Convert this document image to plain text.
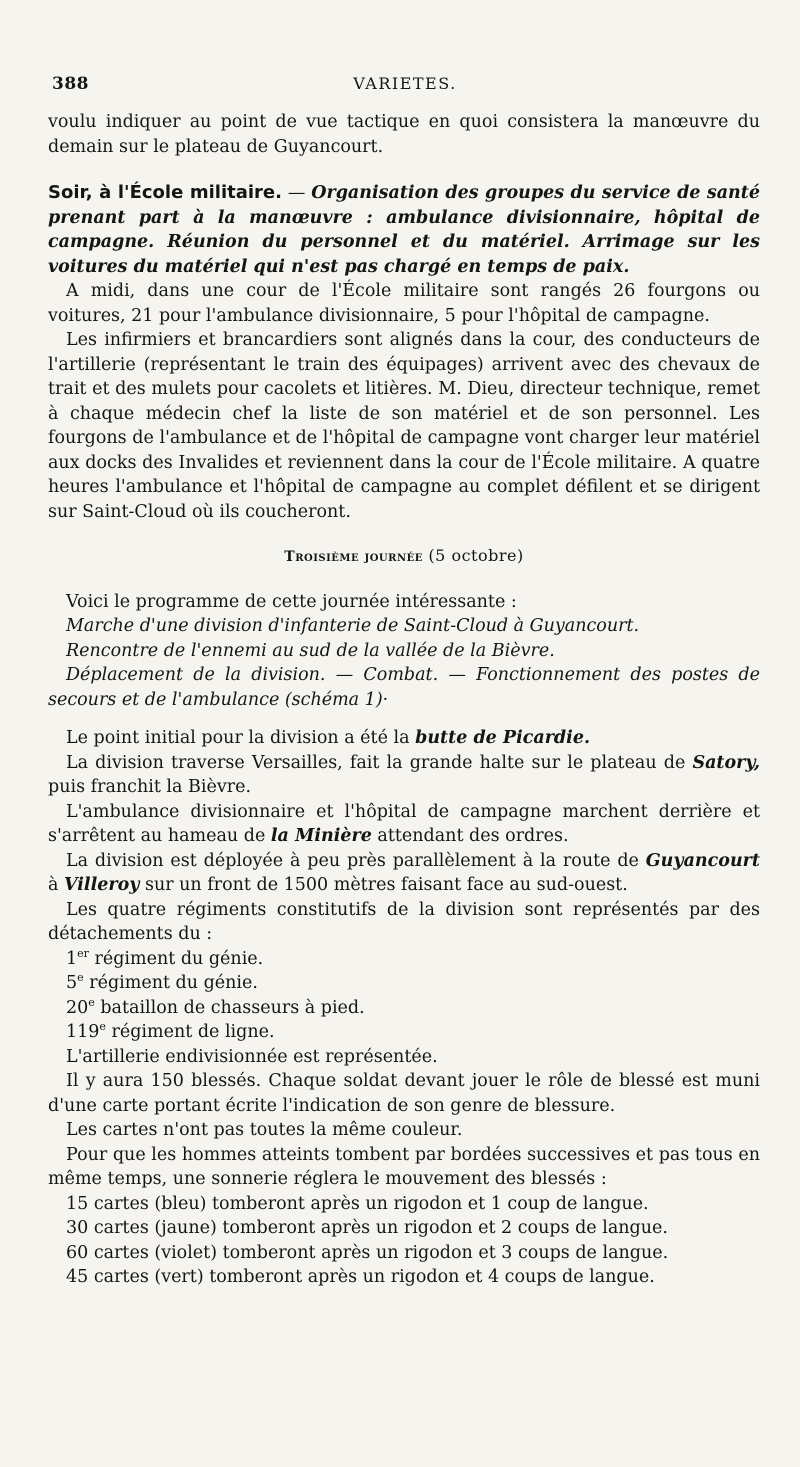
388	VARIETES.

voulu indiquer au point de vue tactique en quoi consistera la manœuvre du demain sur le plateau de Guyancourt.

Soir, à l'École militaire. — Organisation des groupes du service de santé prenant part à la manœuvre : ambulance divisionnaire, hôpital de campagne. Réunion du personnel et du matériel. Arrimage sur les voitures du matériel qui n'est pas chargé en temps de paix.

A midi, dans une cour de l'École militaire sont rangés 26 fourgons ou voitures, 21 pour l'ambulance divisionnaire, 5 pour l'hôpital de campagne.

Les infirmiers et brancardiers sont alignés dans la cour, des conducteurs de l'artillerie (représentant le train des équipages) arrivent avec des chevaux de trait et des mulets pour cacolets et litières. M. Dieu, directeur technique, remet à chaque médecin chef la liste de son matériel et de son personnel. Les fourgons de l'ambulance et de l'hôpital de campagne vont charger leur matériel aux docks des Invalides et reviennent dans la cour de l'École militaire. A quatre heures l'ambulance et l'hôpital de campagne au complet défilent et se dirigent sur Saint-Cloud où ils coucheront.

Troisième journée (5 octobre)

Voici le programme de cette journée intéressante :

Marche d'une division d'infanterie de Saint-Cloud à Guyancourt.

Rencontre de l'ennemi au sud de la vallée de la Bièvre.

Déplacement de la division. — Combat. — Fonctionnement des postes de secours et de l'ambulance (schéma 1)·

Le point initial pour la division a été la butte de Picardie.

La division traverse Versailles, fait la grande halte sur le plateau de Satory, puis franchit la Bièvre.

L'ambulance divisionnaire et l'hôpital de campagne marchent derrière et s'arrêtent au hameau de la Minière attendant des ordres.

La division est déployée à peu près parallèlement à la route de Guyancourt à Villeroy sur un front de 1500 mètres faisant face au sud-ouest.

Les quatre régiments constitutifs de la division sont représentés par des détachements du :

1er régiment du génie.

5e régiment du génie.

20e bataillon de chasseurs à pied.

119e régiment de ligne.

L'artillerie endivisionnée est représentée.

Il y aura 150 blessés. Chaque soldat devant jouer le rôle de blessé est muni d'une carte portant écrite l'indication de son genre de blessure.

Les cartes n'ont pas toutes la même couleur.

Pour que les hommes atteints tombent par bordées successives et pas tous en même temps, une sonnerie réglera le mouvement des blessés :

15 cartes (bleu) tomberont après un rigodon et 1 coup de langue.

30 cartes (jaune) tomberont après un rigodon et 2 coups de langue.

60 cartes (violet) tomberont après un rigodon et 3 coups de langue.

45 cartes (vert) tomberont après un rigodon et 4 coups de langue.
